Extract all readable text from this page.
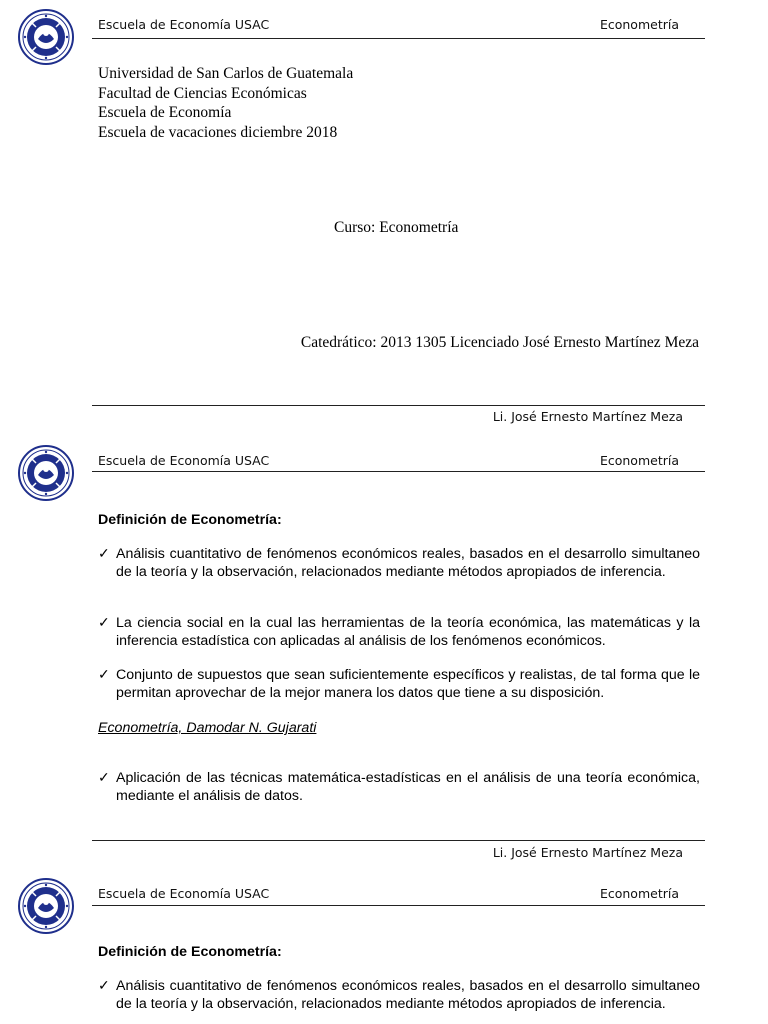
Escuela de Economía USAC	Econometría
Universidad de San Carlos de Guatemala
Facultad de Ciencias Económicas
Escuela de Economía
Escuela de vacaciones diciembre 2018
Curso: Econometría
Catedrático: 2013 1305 Licenciado José Ernesto Martínez Meza
Li. José Ernesto Martínez Meza
Escuela de Economía USAC	Econometría
Definición de Econometría:
✓ Análisis cuantitativo de fenómenos económicos reales, basados en el desarrollo simultaneo de la teoría y la observación, relacionados mediante métodos apropiados de inferencia.
✓ La ciencia social en la cual las herramientas de la teoría económica, las matemáticas y la inferencia estadística con aplicadas al análisis de los fenómenos económicos.
✓ Conjunto de supuestos que sean suficientemente específicos y realistas, de tal forma que le permitan aprovechar de la mejor manera los datos que tiene a su disposición.
Econometría, Damodar N. Gujarati
✓ Aplicación de las técnicas matemática-estadísticas en el análisis de una teoría económica, mediante el análisis de datos.
Li. José Ernesto Martínez Meza
Escuela de Economía USAC	Econometría
Definición de Econometría:
✓ Análisis cuantitativo de fenómenos económicos reales, basados en el desarrollo simultaneo de la teoría y la observación, relacionados mediante métodos apropiados de inferencia.
